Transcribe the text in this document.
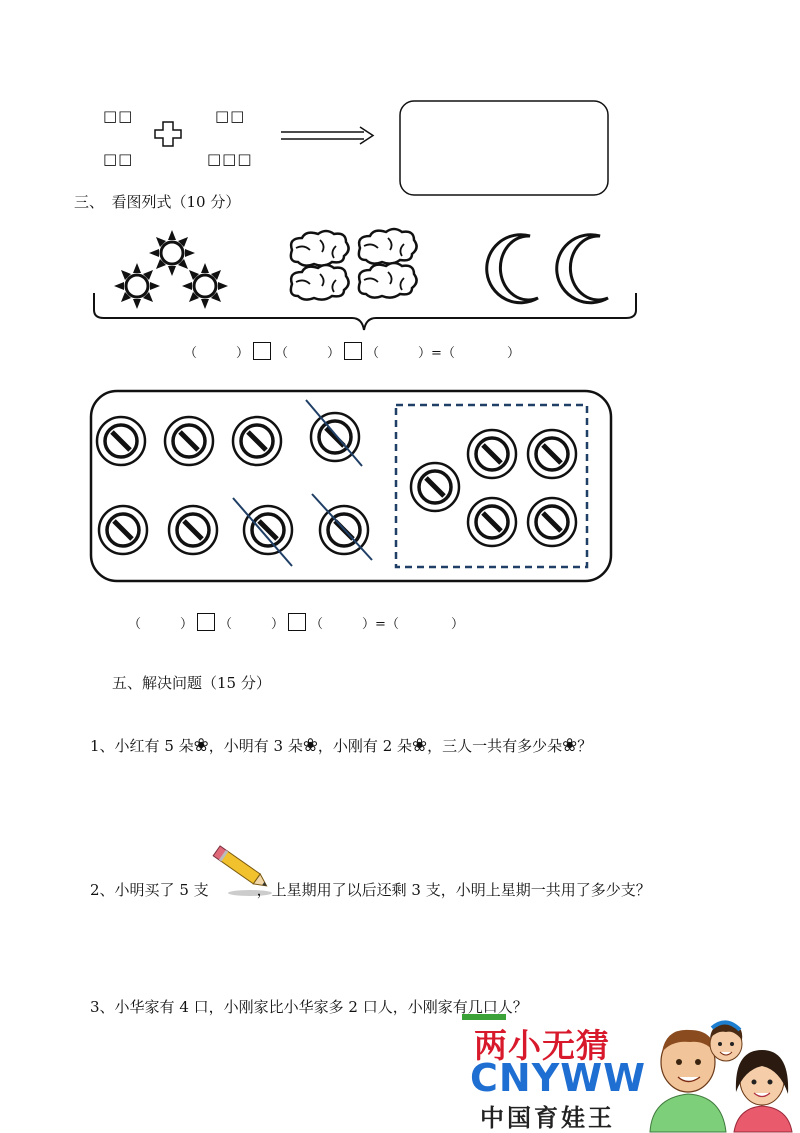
□□
□□
□□
□□□
三、　看图列式（10 分）
（　　　） （　　　） （　　　）=（　　　　）
（　　　） （　　　） （　　　）=（　　　　）
五、解决问题（15 分）
1、小红有 5 朵❀，小明有 3 朵❀，小刚有 2 朵❀，三人一共有多少朵❀？
2、小明买了 5 支	，上星期用了以后还剩 3 支，小明上星期一共用了多少支？
3、小华家有 4 口，小刚家比小华家多 2 口人，小刚家有几口人？
两小无猜
CNYWW
中国育娃王
